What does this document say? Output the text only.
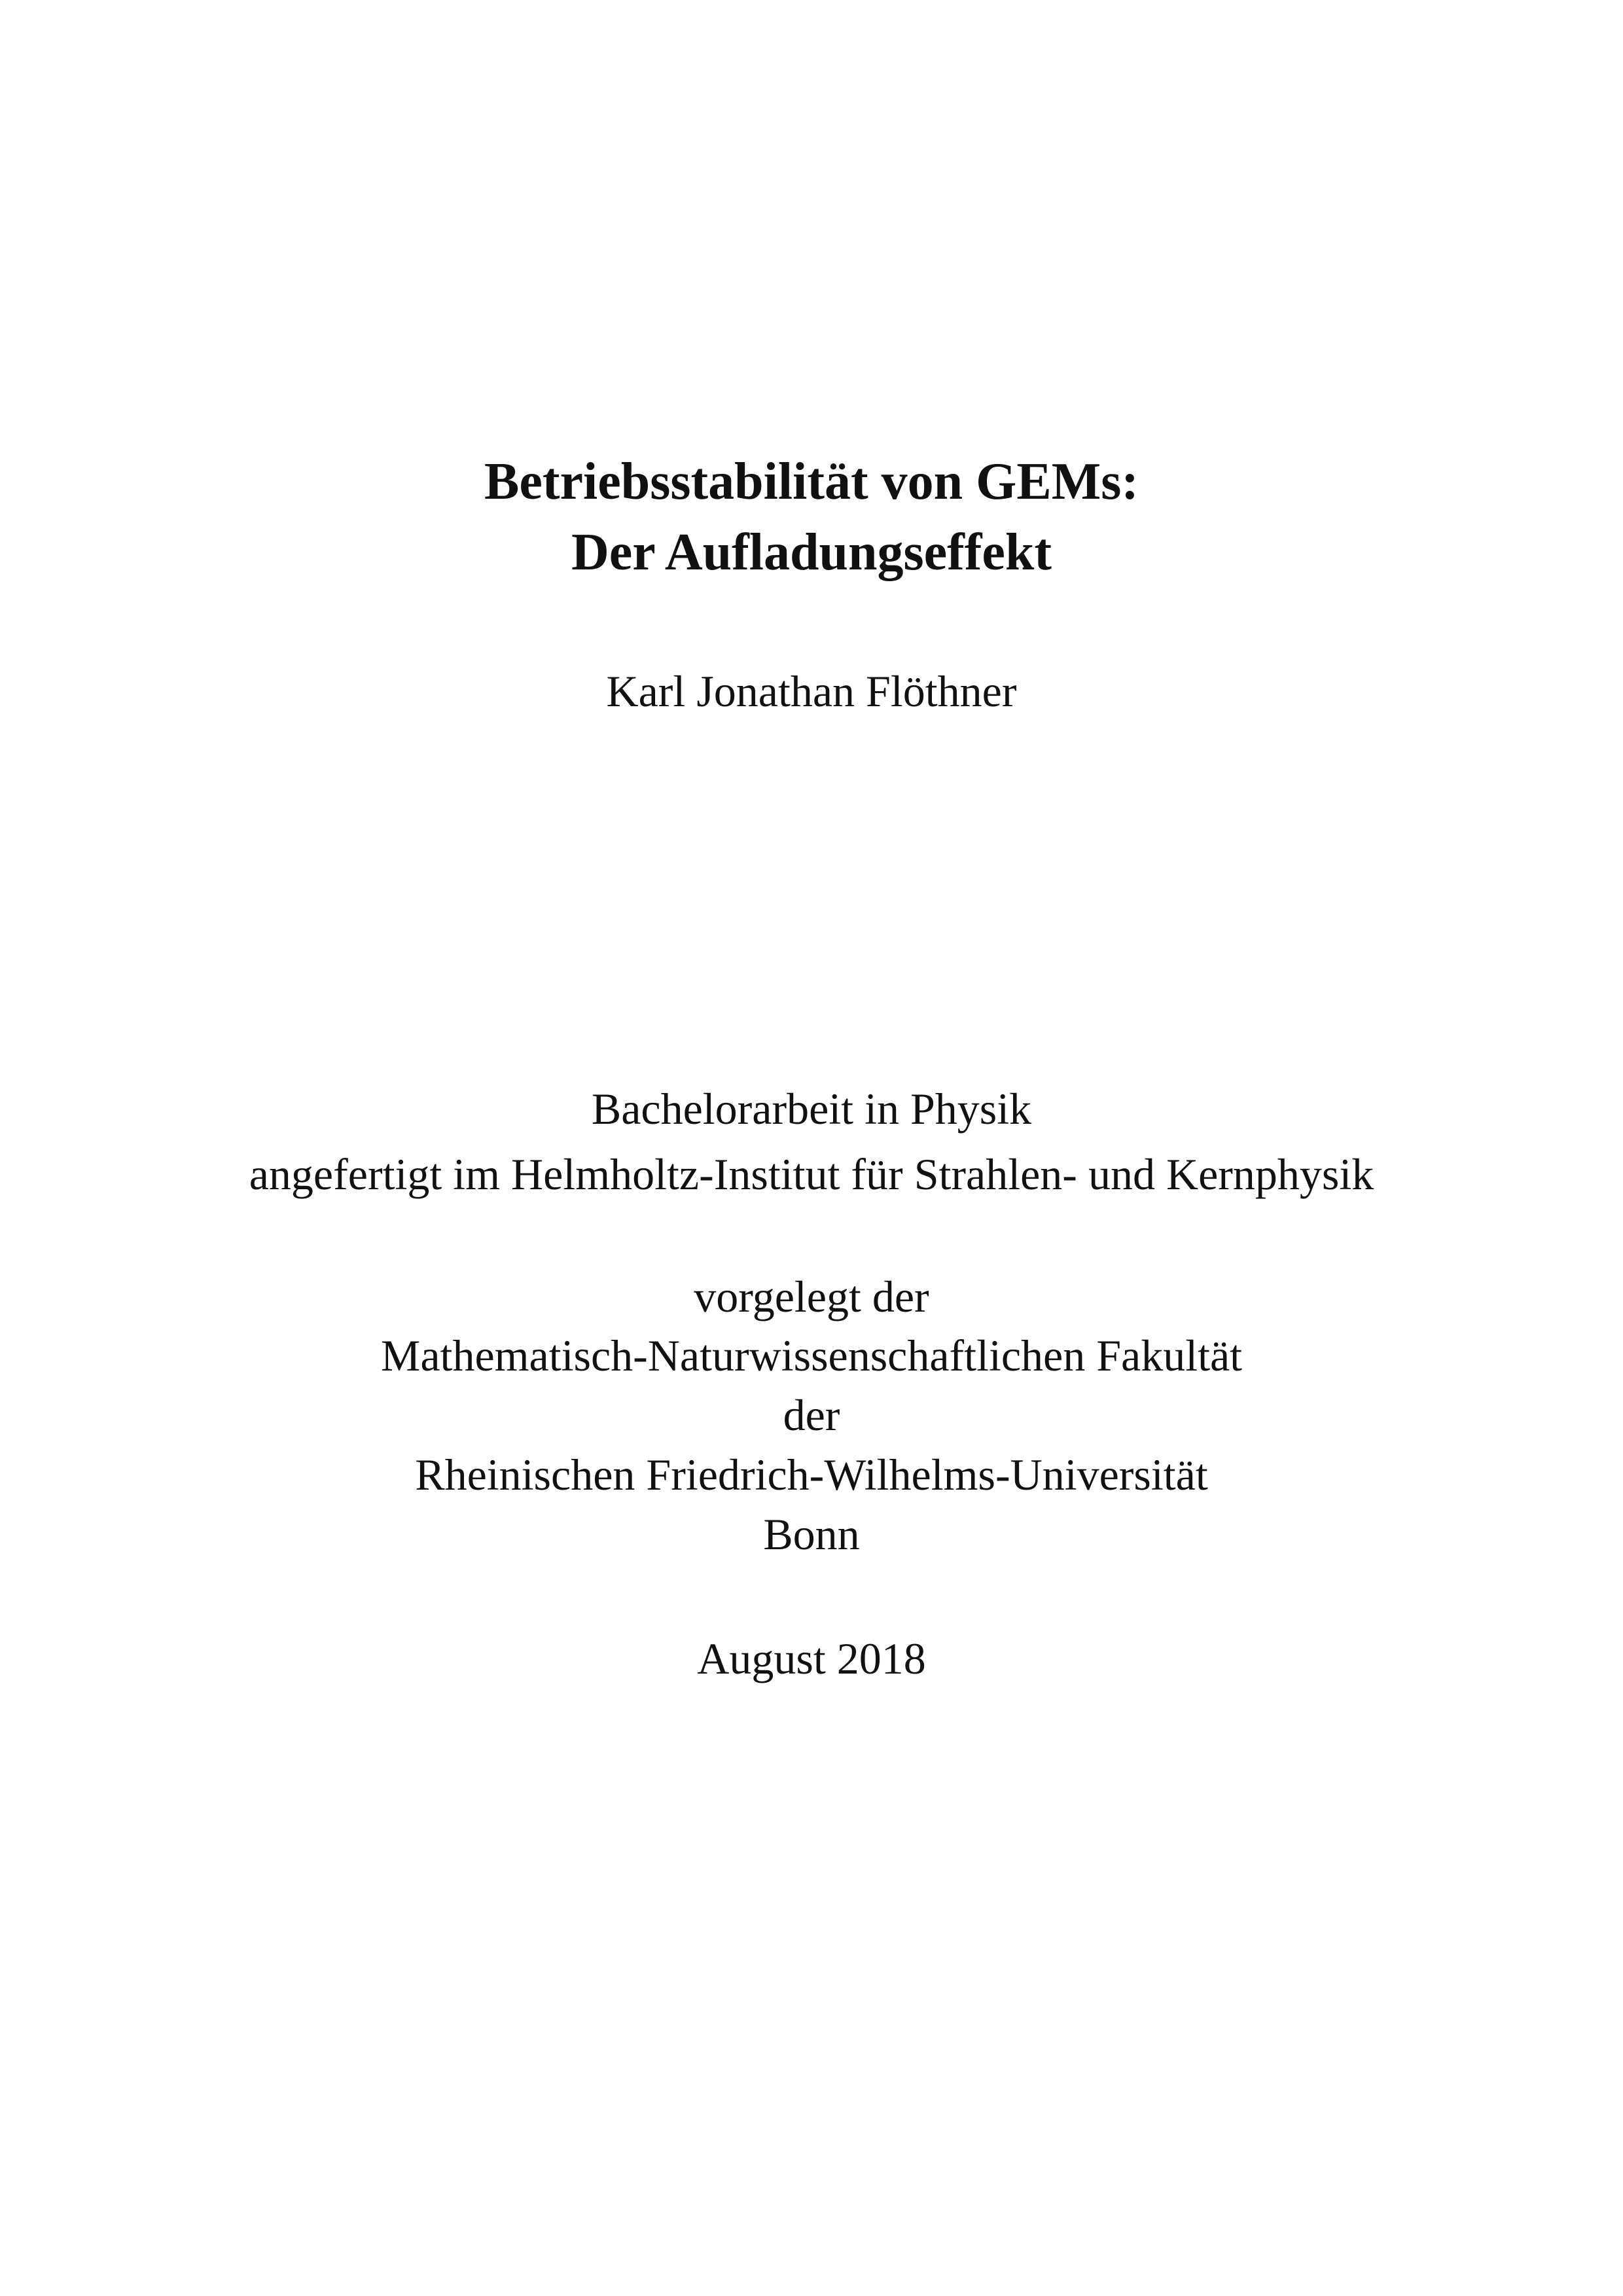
Betriebsstabilität von GEMs:
Der Aufladungseffekt
Karl Jonathan Flöthner
Bachelorarbeit in Physik
angefertigt im Helmholtz-Institut für Strahlen- und Kernphysik
vorgelegt der
Mathematisch-Naturwissenschaftlichen Fakultät
der
Rheinischen Friedrich-Wilhelms-Universität
Bonn
August 2018
